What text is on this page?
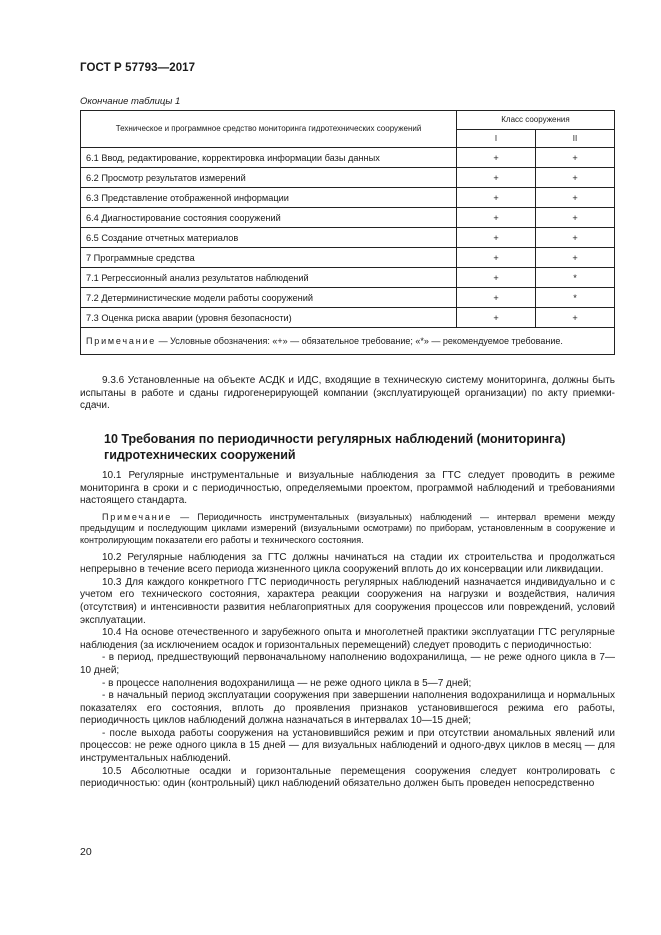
ГОСТ Р 57793—2017
Окончание таблицы 1
Техническое и программное средство мониторинга гидротехнических сооружений	Класс сооружения	
	I	II
6.1 Ввод, редактирование, корректировка информации базы данных	+	+
6.2 Просмотр результатов измерений	+	+
6.3 Представление отображенной информации	+	+
6.4 Диагностирование состояния сооружений	+	+
6.5 Создание отчетных материалов	+	+
7 Программные средства	+	+
7.1 Регрессионный анализ результатов наблюдений	+	*
7.2 Детерминистические модели работы сооружений	+	*
7.3 Оценка риска аварии (уровня безопасности)	+	+
Примечание — Условные обозначения: «+» — обязательное требование; «*» — рекомендуемое требование.		

9.3.6 Установленные на объекте АСДК и ИДС, входящие в техническую систему мониторинга, должны быть испытаны в работе и сданы гидрогенерирующей компании (эксплуатирующей организации) по акту приемки-сдачи.

10 Требования по периодичности регулярных наблюдений (мониторинга) гидротехнических сооружений

10.1 Регулярные инструментальные и визуальные наблюдения за ГТС следует проводить в режиме мониторинга в сроки и с периодичностью, определяемыми проектом, программой наблюдений и требованиями настоящего стандарта.

Примечание — Периодичность инструментальных (визуальных) наблюдений — интервал времени между предыдущим и последующим циклами измерений (визуальными осмотрами) по приборам, установленным в сооружение и контролирующим показатели его работы и технического состояния.

10.2 Регулярные наблюдения за ГТС должны начинаться на стадии их строительства и продолжаться непрерывно в течение всего периода жизненного цикла сооружений вплоть до их консервации или ликвидации.

10.3 Для каждого конкретного ГТС периодичность регулярных наблюдений назначается индивидуально и с учетом его технического состояния, характера реакции сооружения на нагрузки и воздействия, наличия (отсутствия) и интенсивности развития неблагоприятных для сооружения процессов или повреждений, условий эксплуатации.

10.4 На основе отечественного и зарубежного опыта и многолетней практики эксплуатации ГТС регулярные наблюдения (за исключением осадок и горизонтальных перемещений) следует проводить с периодичностью:

- в период, предшествующий первоначальному наполнению водохранилища, — не реже одного цикла в 7—10 дней;

- в процессе наполнения водохранилища — не реже одного цикла в 5—7 дней;

- в начальный период эксплуатации сооружения при завершении наполнения водохранилища и нормальных показателях его состояния, вплоть до проявления признаков установившегося режима его работы, периодичность циклов наблюдений должна назначаться в интервалах 10—15 дней;

- после выхода работы сооружения на установившийся режим и при отсутствии аномальных явлений или процессов: не реже одного цикла в 15 дней — для визуальных наблюдений и одного-двух циклов в месяц — для инструментальных наблюдений.

10.5 Абсолютные осадки и горизонтальные перемещения сооружения следует контролировать с периодичностью: один (контрольный) цикл наблюдений обязательно должен быть проведен непосредственно

20
